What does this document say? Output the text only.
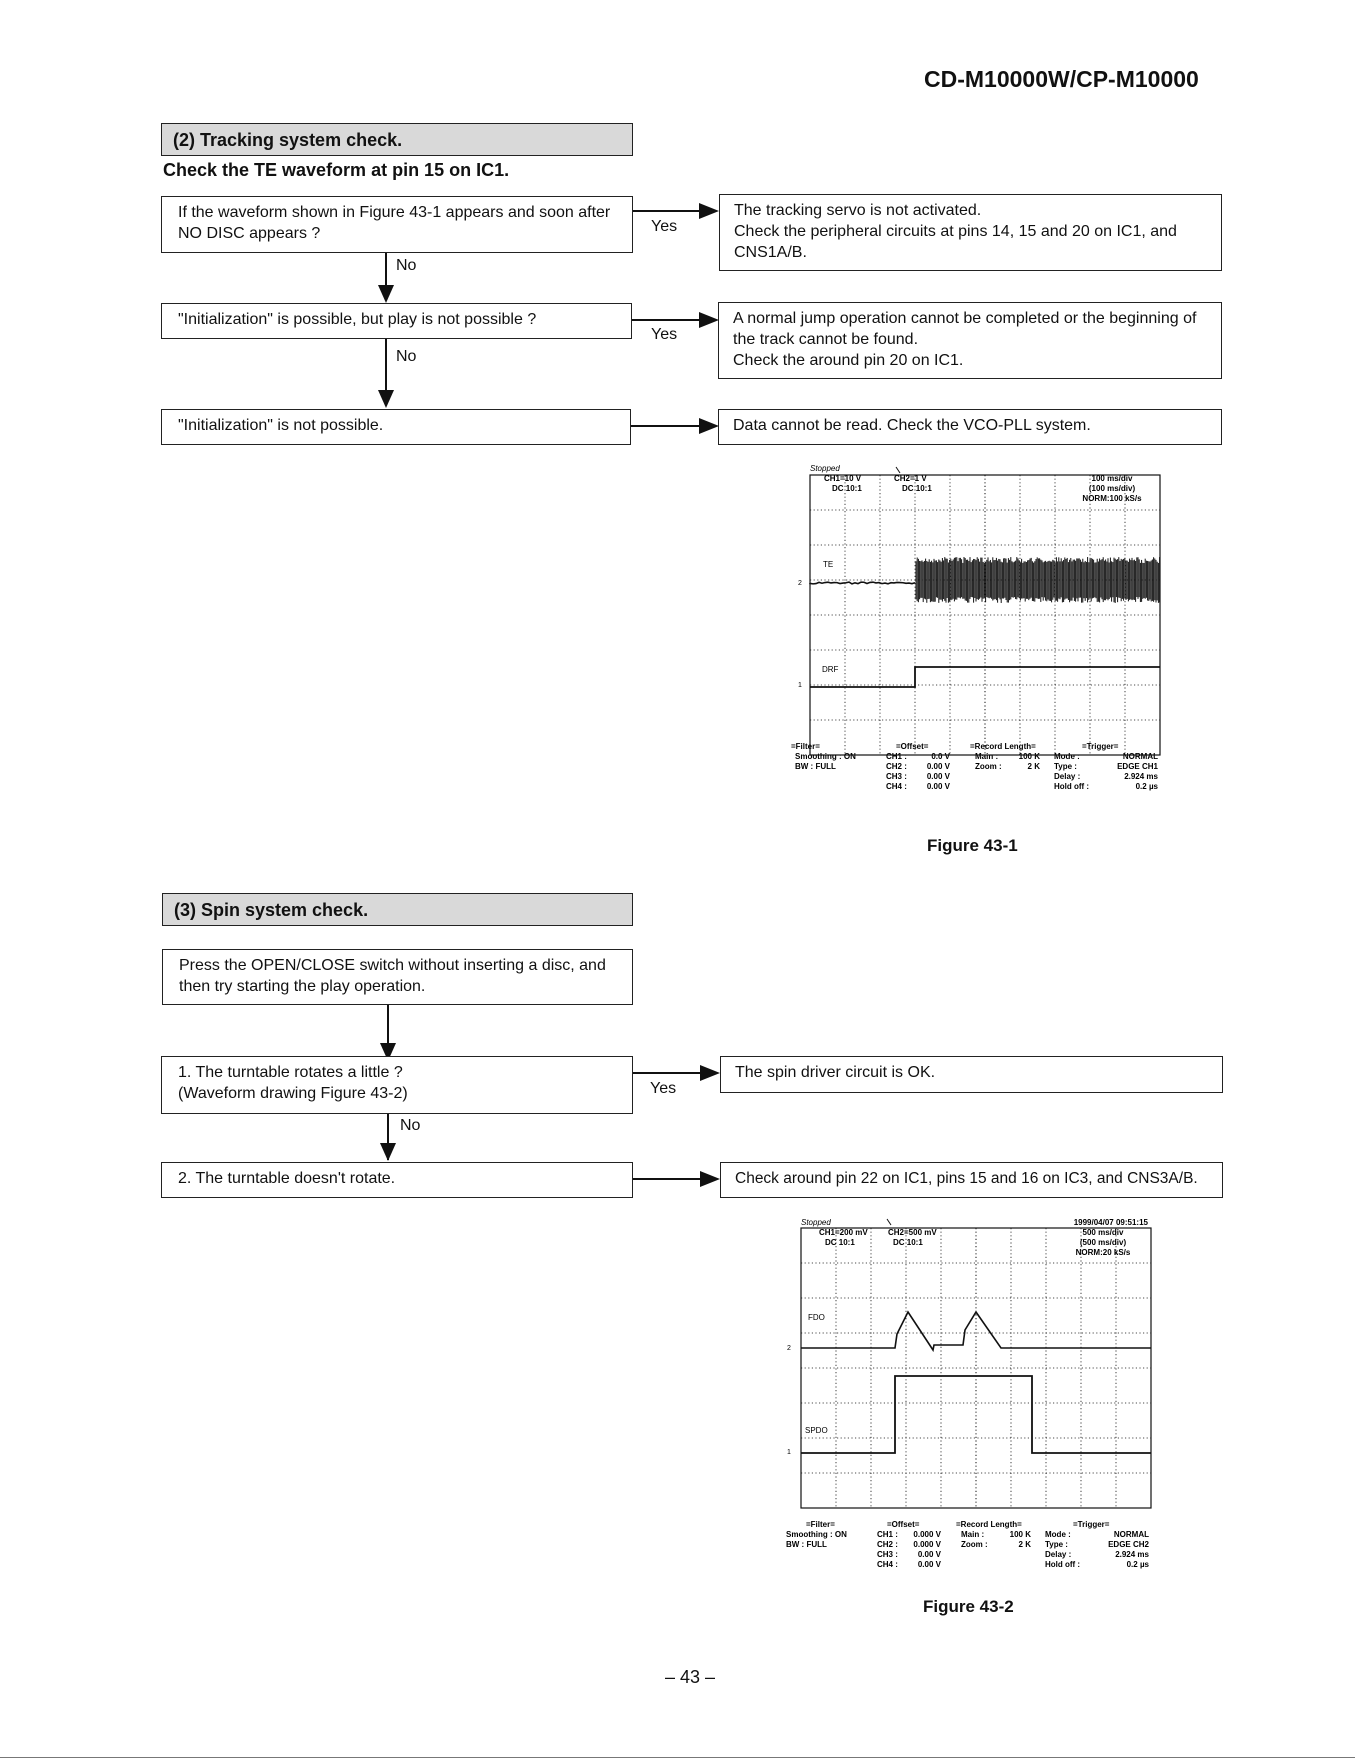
CD-M10000W/CP-M10000
(2) Tracking system check.
Check the TE waveform at pin 15 on IC1.
If the waveform shown in Figure 43-1 appears and soon after
NO DISC appears ?
The tracking servo is not activated.
Check the peripheral circuits at pins 14, 15 and 20 on IC1, and
CNS1A/B.
Yes
No
"Initialization" is possible, but play is not possible ?	A normal jump operation cannot be completed or the beginning of
the track cannot be found.
Check the around pin 20 on IC1.
Yes
No
"Initialization" is not possible.	Data cannot be read. Check the VCO-PLL system.
Stopped
CH1=10 V
DC 10:1
CH2=1 V
DC 10:1
100 ms/div
(100 ms/div)
NORM:100 kS/s
TE
DRF
=Filter=
Smoothing : ON
BW : FULL
=Offset=	=Record Length=	=Trigger=
CH1 :	0.0 V
CH2 : 0.00 V
CH3 : 0.00 V
CH4 : 0.00 V
Main :	100 K
Zoom :	2 K
Mode :	NORMAL
Type :	EDGE CH1
Delay :	2.924 ms
Hold off :	0.2 µs
2
1
Figure 43-1
(3) Spin system check.
Press the OPEN/CLOSE switch without inserting a disc, and
then try starting the play operation.
1. The turntable rotates a little ?
(Waveform drawing Figure 43-2)
The spin driver circuit is OK.
Yes
No
2. The turntable doesn't rotate.	Check around pin 22 on IC1, pins 15 and 16 on IC3, and CNS3A/B.
Stopped	1999/04/07 09:51:15
CH1=200 mV
DC 10:1
CH2=500 mV
DC 10:1
500 ms/div
(500 ms/div)
NORM:20 kS/s
FDO
SPDO
=Filter=
Smoothing : ON
BW : FULL
=Offset=	=Record Length=	=Trigger=
CH1 : 0.000 V
CH2 : 0.000 V
CH3 : 0.00 V
CH4 : 0.00 V
Main :	100 K
Zoom :	2 K
Mode :	NORMAL
Type :	EDGE CH2
Delay :	2.924 ms
Hold off :	0.2 µs
2
1
Figure 43-2
– 43 –
